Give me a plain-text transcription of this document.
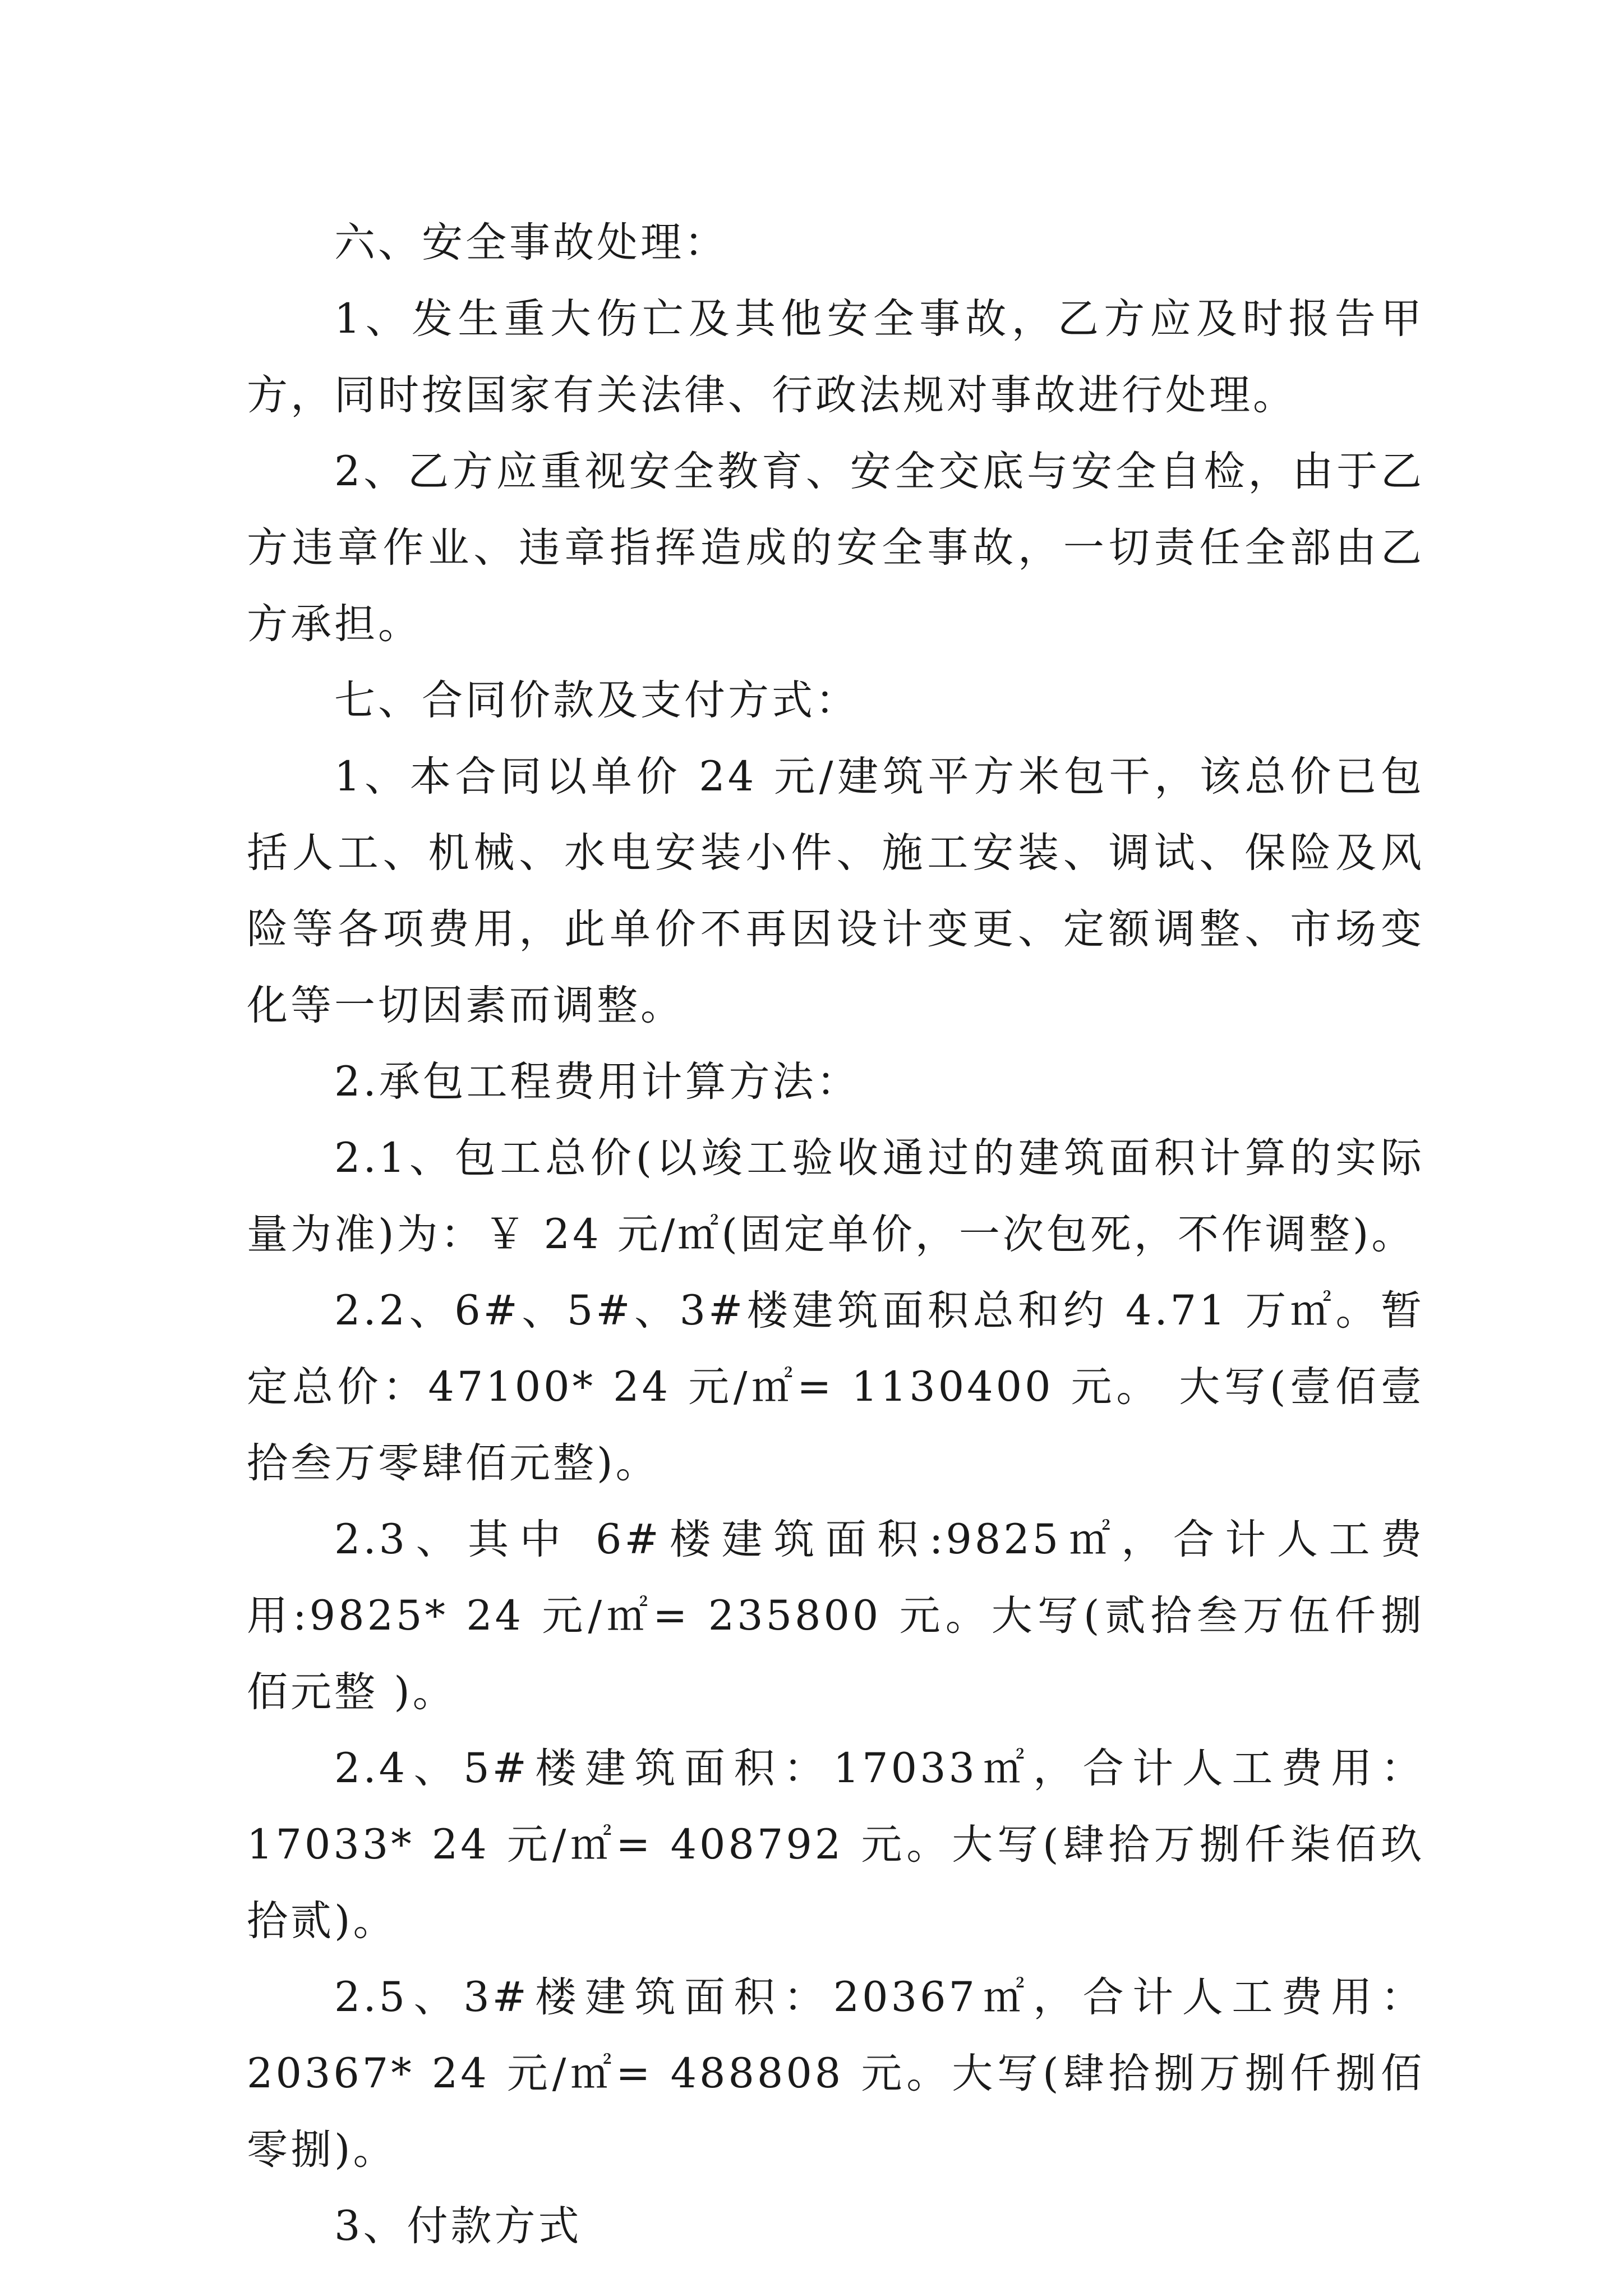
六、安全事故处理：

1、发生重大伤亡及其他安全事故，乙方应及时报告甲方，同时按国家有关法律、行政法规对事故进行处理。

2、乙方应重视安全教育、安全交底与安全自检，由于乙方违章作业、违章指挥造成的安全事故，一切责任全部由乙方承担。

七、合同价款及支付方式：

1、本合同以单价 24 元/建筑平方米包干，该总价已包括人工、机械、水电安装小件、施工安装、调试、保险及风险等各项费用，此单价不再因设计变更、定额调整、市场变化等一切因素而调整。

2.承包工程费用计算方法：

2.1、包工总价(以竣工验收通过的建筑面积计算的实际量为准)为：￥ 24 元/㎡(固定单价，一次包死，不作调整)。

2.2、6#、5#、3#楼建筑面积总和约 4.71 万㎡。暂定总价：47100* 24 元/㎡= 1130400 元。 大写(壹佰壹拾叁万零肆佰元整)。

2.3、其中 6#楼建筑面积:9825㎡，合计人工费用:9825* 24 元/㎡= 235800 元。大写(贰拾叁万伍仟捌佰元整 )。

2.4、5#楼建筑面积：17033㎡，合计人工费用：17033* 24 元/㎡= 408792 元。大写(肆拾万捌仟柒佰玖拾贰)。

2.5、3#楼建筑面积：20367㎡，合计人工费用：20367* 24 元/㎡= 488808 元。大写(肆拾捌万捌仟捌佰零捌)。

3、付款方式
